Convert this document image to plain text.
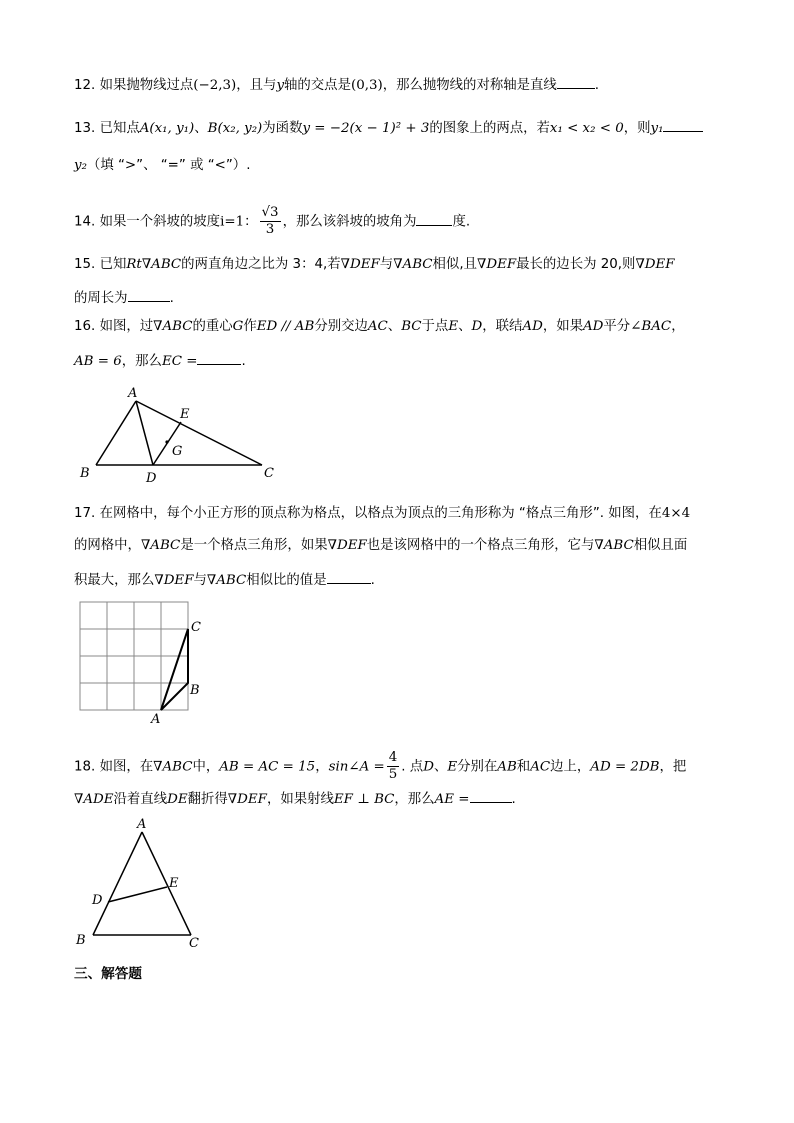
12. 如果抛物线过点(−2,3)，且与y轴的交点是(0,3)，那么抛物线的对称轴是直线	.
13. 已知点A(x₁, y₁)、B(x₂, y₂)为函数y = −2(x − 1)² + 3的图象上的两点，若x₁ < x₂ < 0，则y₁
y₂（填 “>”、 “=” 或 “<”）.
14. 如果一个斜坡的坡度i=1： $\frac{√3}{3}$ ，那么该斜坡的坡角为	度.
15. 已知Rt∇ABC的两直角边之比为 3：4,若∇DEF与∇ABC相似,且∇DEF最长的边长为 20,则∇DEF
的周长为	.
16. 如图，过∇ABC的重心G作ED // AB分别交边AC、BC于点E、D，联结AD，如果AD平分∠BAC，
AB = 6，那么EC =	.
A
B	C
D
E
G
17. 在网格中，每个小正方形的顶点称为格点，以格点为顶点的三角形称为 “格点三角形”. 如图，在4×4
的网格中，∇ABC是一个格点三角形，如果∇DEF也是该网格中的一个格点三角形，它与∇ABC相似且面
积最大，那么∇DEF与∇ABC相似比的值是	.
C
B
A
18. 如图，在∇ABC中，AB = AC = 15，sin∠A = $\frac{4}{5}$ . 点D、E分别在AB和AC边上，AD = 2DB，把
∇ADE沿着直线DE翻折得∇DEF，如果射线EF ⊥ BC，那么AE =	.
A
B	C
D
E
三、解答题
